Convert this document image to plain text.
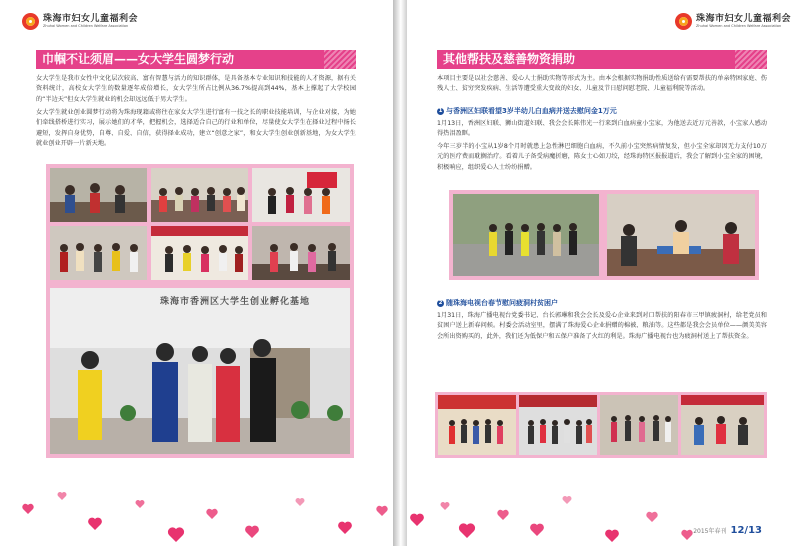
珠海市妇女儿童福利会
Zhuhai Women and Children Welfare Association
巾帼不让须眉——女大学生圆梦行动

女大学生是我市女性中文化层次较高、富有智慧与活力的知识群体，是具备基本专业知识和技能的人才资源，据有关资料统计，高校女大学生的数量逐年成倍增长，女大学生所占比例从36.7%提高到44%，基本上撑起了大学校园的“半边天”但女大学生就业的机会却远远低于男大学生。

女大学生就业创业圆梦行动将为珠海现籍或将往在家女大学生进行富有一技之长的职业技能培训，与企业对接，为她们牵线搭桥进行实习，展示她们的才华，把握机会，选择适合自己的行业和单位，尽量使女大学生在择业过程中扬长避短，发挥自身优势，自尊、自爱、自信，获得择业成功，建立“创意之家”，和女大学生创业创新基地，为女大学生就业创业开辟一片新天地。

珠海市香洲区大学生创业孵化基地
珠海市妇女儿童福利会
Zhuhai Women and Children Welfare Association
其他帮扶及慈善物资捐助

本项目主要是以社会慈善、爱心人士捐助实物等形式为主。由本会根据实物捐助性质送给有需要帮扶的单亲特困家庭、伤残人士、贫穷突发疾病、生活等遭受重大变故的妇女、儿童及节日慰问慰老院、儿童福利院等活动。

1 与香洲区妇联看望3岁半幼儿白血病并送去慰问金1万元

1月13日，香洲区妇联、狮山街道妇联、我会会长陈伟光一行来到白血病童小宝家，为他送去近万元善款，小宝家人感动得热泪盈眶。

今年三岁半的小宝从1岁8个月时就患上急性淋巴细胞白血病，不久前小宝突然病情复发，但小宝全家却因无力支付10万元的医疗费而耽搁治疗。看着儿子备受病魔折磨，陈女士心如刀绞，经珠海特区报报道后，我会了解到小宝全家的困境，积极响应，组织爱心人士纷纷捐赠。

2 随珠海电视台春节慰问疲洞村贫困户

1月31日，珠海广播电视台党委书记、台长郭琳和我会会长及爱心企业来到对口帮扶的阳春市三甲镇疲洞村，给老党员和贫困户送上新春问候。村委会活动室里，摆满了珠海爱心企业捐赠的棉被、粮油等。这些都是我会会员单位——颜美美容会所出资购买的，此外，我们还为低保户和五保户准备了火红的利是。珠海广播电视台也为疲洞村送上了帮扶资金。

2015年春刊 12/13
